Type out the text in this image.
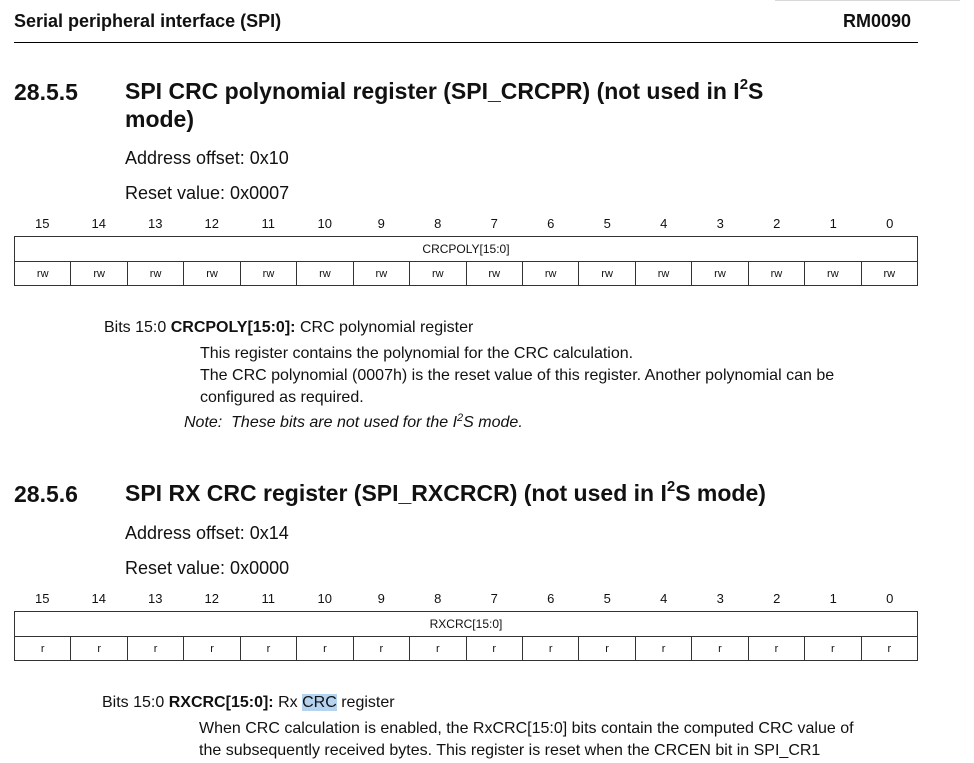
Serial peripheral interface (SPI)	RM0090
28.5.5 SPI CRC polynomial register (SPI_CRCPR) (not used in $I^2S$
mode)
Address offset: 0x10
Reset value: 0x0007
15	14	13	12	11	10	9	8	7	6	5	4	3	2	1	0
CRCPOLY[15:0]
rw	rw	rw	rw	rw	rw	rw	rw	rw	rw	rw	rw	rw	rw	rw	rw
Bits 15:0 CRCPOLY[15:0]: CRC polynomial register
This register contains the polynomial for the CRC calculation.
The CRC polynomial (0007h) is the reset value of this register. Another polynomial can be
configured as required.
Note: These bits are not used for the $I^2S$ mode.
28.5.6 SPI RX CRC register (SPI_RXCRCR) (not used in $I^2S$ mode)
Address offset: 0x14
Reset value: 0x0000
15	14	13	12	11	10	9	8	7	6	5	4	3	2	1	0
RXCRC[15:0]
r	r	r	r	r	r	r	r	r	r	r	r	r	r	r	r
Bits 15:0 RXCRC[15:0]: Rx CRC register
When CRC calculation is enabled, the RxCRC[15:0] bits contain the computed CRC value of
the subsequently received bytes. This register is reset when the CRCEN bit in SPI_CR1
